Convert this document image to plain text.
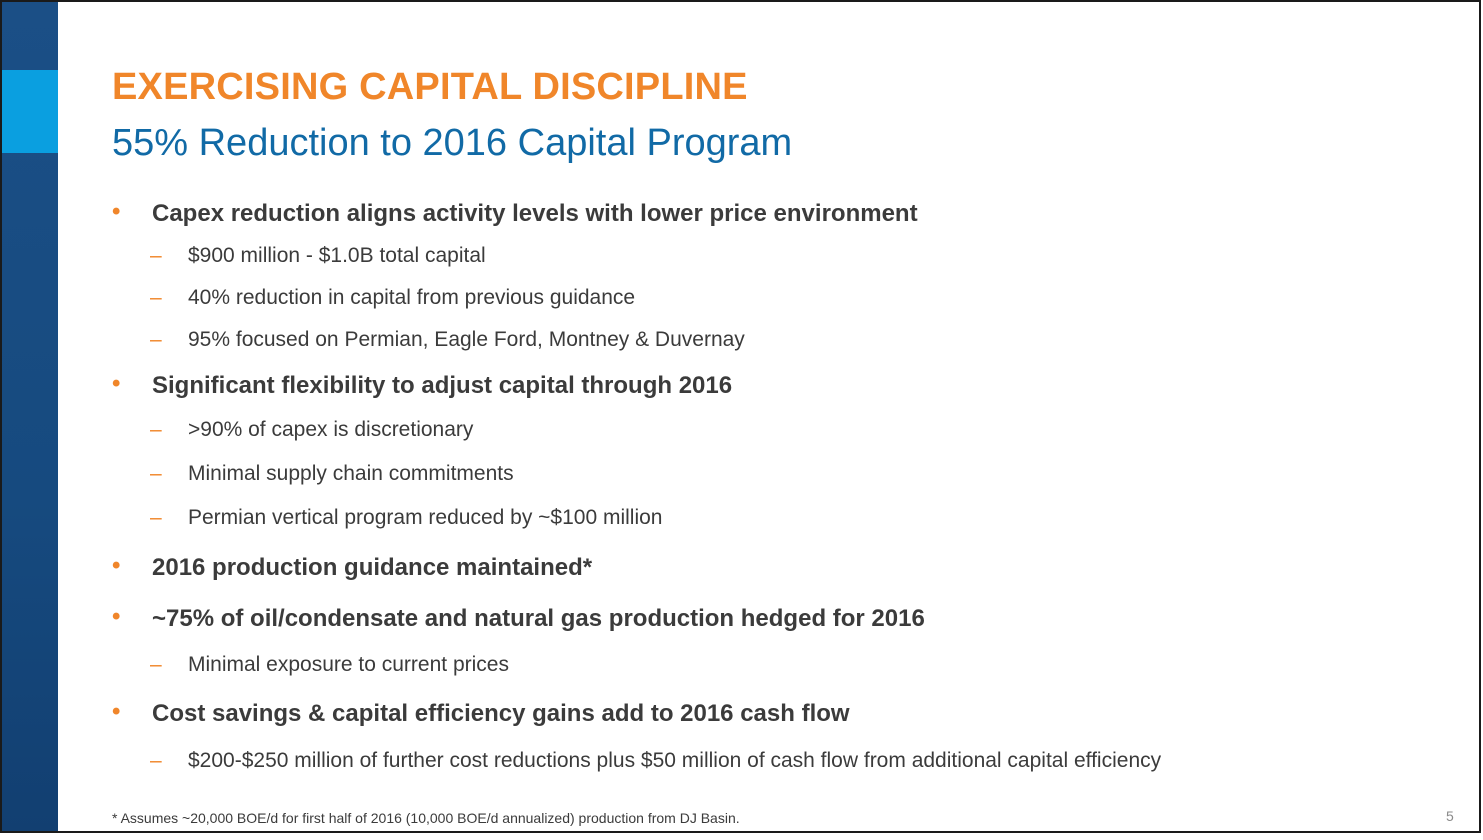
EXERCISING CAPITAL DISCIPLINE
55% Reduction to 2016 Capital Program
• Capex reduction aligns activity levels with lower price environment
– $900 million - $1.0B total capital
– 40% reduction in capital from previous guidance
– 95% focused on Permian, Eagle Ford, Montney & Duvernay
• Significant flexibility to adjust capital through 2016
– >90% of capex is discretionary
– Minimal supply chain commitments
– Permian vertical program reduced by ~$100 million
• 2016 production guidance maintained*
• ~75% of oil/condensate and natural gas production hedged for 2016
– Minimal exposure to current prices
• Cost savings & capital efficiency gains add to 2016 cash flow
– $200-$250 million of further cost reductions plus $50 million of cash flow from additional capital efficiency
* Assumes ~20,000 BOE/d for first half of 2016 (10,000 BOE/d annualized) production from DJ Basin.	5
